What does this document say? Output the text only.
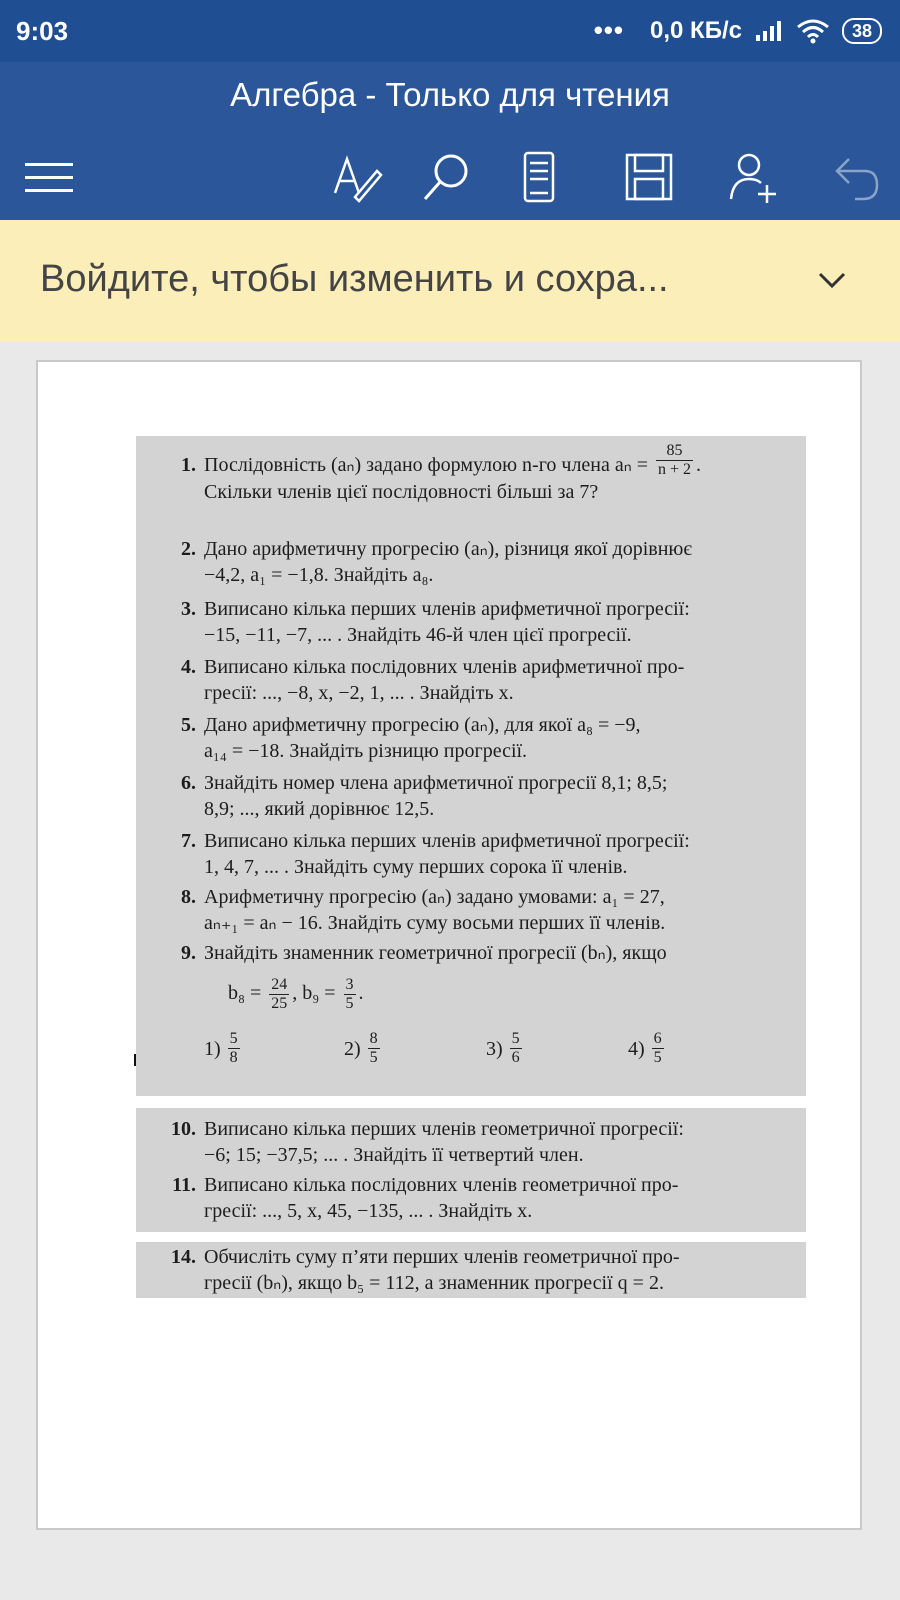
9:03	••• 0,0 КБ/с	38
Алгебра - Только для чтения
Войдите, чтобы изменить и сохра...
1. Послідовність (aₙ) задано формулою n-го члена $a_n = \frac{85}{n + 2}$ .
Скільки членів цієї послідовності більші за 7?
2. Дано арифметичну прогресію (aₙ), різниця якої дорівнює
−4,2, a₁ = −1,8. Знайдіть a₈.
3. Виписано кілька перших членів арифметичної прогресії:
−15, −11, −7, ... . Знайдіть 46-й член цієї прогресії.
4. Виписано кілька послідовних членів арифметичної про-
гресії: ..., −8, x, −2, 1, ... . Знайдіть x.
5. Дано арифметичну прогресію (aₙ), для якої a₈ = −9,
a₁₄ = −18. Знайдіть різницю прогресії.
6. Знайдіть номер члена арифметичної прогресії 8,1; 8,5;
8,9; ..., який дорівнює 12,5.
7. Виписано кілька перших членів арифметичної прогресії:
1, 4, 7, ... . Знайдіть суму перших сорока її членів.
8. Арифметичну прогресію (aₙ) задано умовами: a₁ = 27,
aₙ₊₁ = aₙ − 16. Знайдіть суму восьми перших її членів.
9. Знайдіть знаменник геометричної прогресії (bₙ), якщо
$b_8 = \frac{24}{25}$ , $b_9 = \frac{3}{5}$ .
$1) \frac{5}{8}$	$2) \frac{8}{5}$	$3) \frac{5}{6}$	$4) \frac{6}{5}$
10. Виписано кілька перших членів геометричної прогресії:
−6; 15; −37,5; ... . Знайдіть її четвертий член.
11. Виписано кілька послідовних членів геометричної про-
гресії: ..., 5, x, 45, −135, ... . Знайдіть x.
14. Обчисліть суму п’яти перших членів геометричної про-
гресії (bₙ), якщо b₅ = 112, а знаменник прогресії q = 2.
